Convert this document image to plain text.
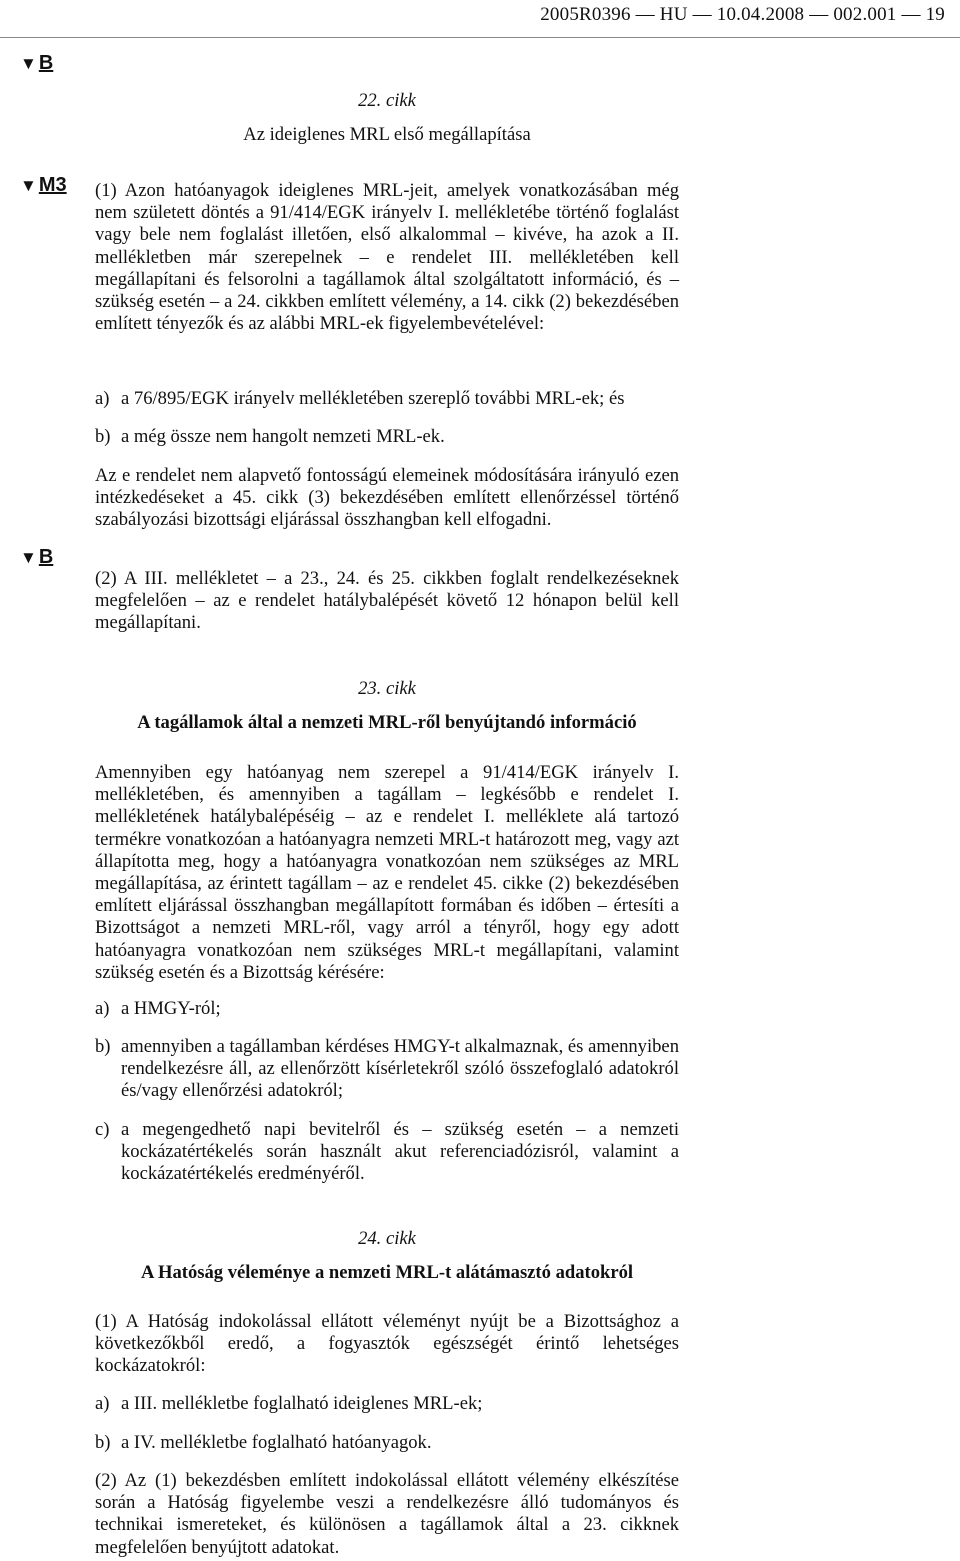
2005R0396 — HU — 10.04.2008 — 002.001 — 19
▼ B
▼ M3
▼ B

22. cikk

Az ideiglenes MRL első megállapítása

(1) Azon hatóanyagok ideiglenes MRL-jeit, amelyek vonatkozásában még nem született döntés a 91/414/EGK irányelv I. mellékletébe történő foglalást vagy bele nem foglalást illetően, első alkalommal – kivéve, ha azok a II. mellékletben már szerepelnek – e rendelet III. mellékletében kell megállapítani és felsorolni a tagállamok által szolgáltatott információ, és – szükség esetén – a 24. cikkben említett vélemény, a 14. cikk (2) bekezdésében említett tényezők és az alábbi MRL-ek figyelembevételével:

a) a 76/895/EGK irányelv mellékletében szereplő további MRL-ek; és
b) a még össze nem hangolt nemzeti MRL-ek.

Az e rendelet nem alapvető fontosságú elemeinek módosítására irányuló ezen intézkedéseket a 45. cikk (3) bekezdésében említett ellenőrzéssel történő szabályozási bizottsági eljárással összhangban kell elfogadni.

(2) A III. mellékletet – a 23., 24. és 25. cikkben foglalt rendelkezéseknek megfelelően – az e rendelet hatálybalépését követő 12 hónapon belül kell megállapítani.

23. cikk

A tagállamok által a nemzeti MRL-ről benyújtandó információ

Amennyiben egy hatóanyag nem szerepel a 91/414/EGK irányelv I. mellékletében, és amennyiben a tagállam – legkésőbb e rendelet I. mellékletének hatálybalépéséig – az e rendelet I. melléklete alá tartozó termékre vonatkozóan a hatóanyagra nemzeti MRL-t határozott meg, vagy azt állapította meg, hogy a hatóanyagra vonatkozóan nem szükséges az MRL megállapítása, az érintett tagállam – az e rendelet 45. cikke (2) bekezdésében említett eljárással összhangban megállapított formában és időben – értesíti a Bizottságot a nemzeti MRL-ről, vagy arról a tényről, hogy egy adott hatóanyagra vonatkozóan nem szükséges MRL-t megállapítani, valamint szükség esetén és a Bizottság kérésére:

a) a HMGY-ról;
b) amennyiben a tagállamban kérdéses HMGY-t alkalmaznak, és amennyiben rendelkezésre áll, az ellenőrzött kísérletekről szóló összefoglaló adatokról és/vagy ellenőrzési adatokról;
c) a megengedhető napi bevitelről és – szükség esetén – a nemzeti kockázatértékelés során használt akut referenciadózisról, valamint a kockázatértékelés eredményéről.

24. cikk

A Hatóság véleménye a nemzeti MRL-t alátámasztó adatokról

(1) A Hatóság indokolással ellátott véleményt nyújt be a Bizottsághoz a következőkből eredő, a fogyasztók egészségét érintő lehetséges kockázatokról:

a) a III. mellékletbe foglalható ideiglenes MRL-ek;
b) a IV. mellékletbe foglalható hatóanyagok.

(2) Az (1) bekezdésben említett indokolással ellátott vélemény elkészítése során a Hatóság figyelembe veszi a rendelkezésre álló tudományos és technikai ismereteket, és különösen a tagállamok által a 23. cikknek megfelelően benyújtott adatokat.
